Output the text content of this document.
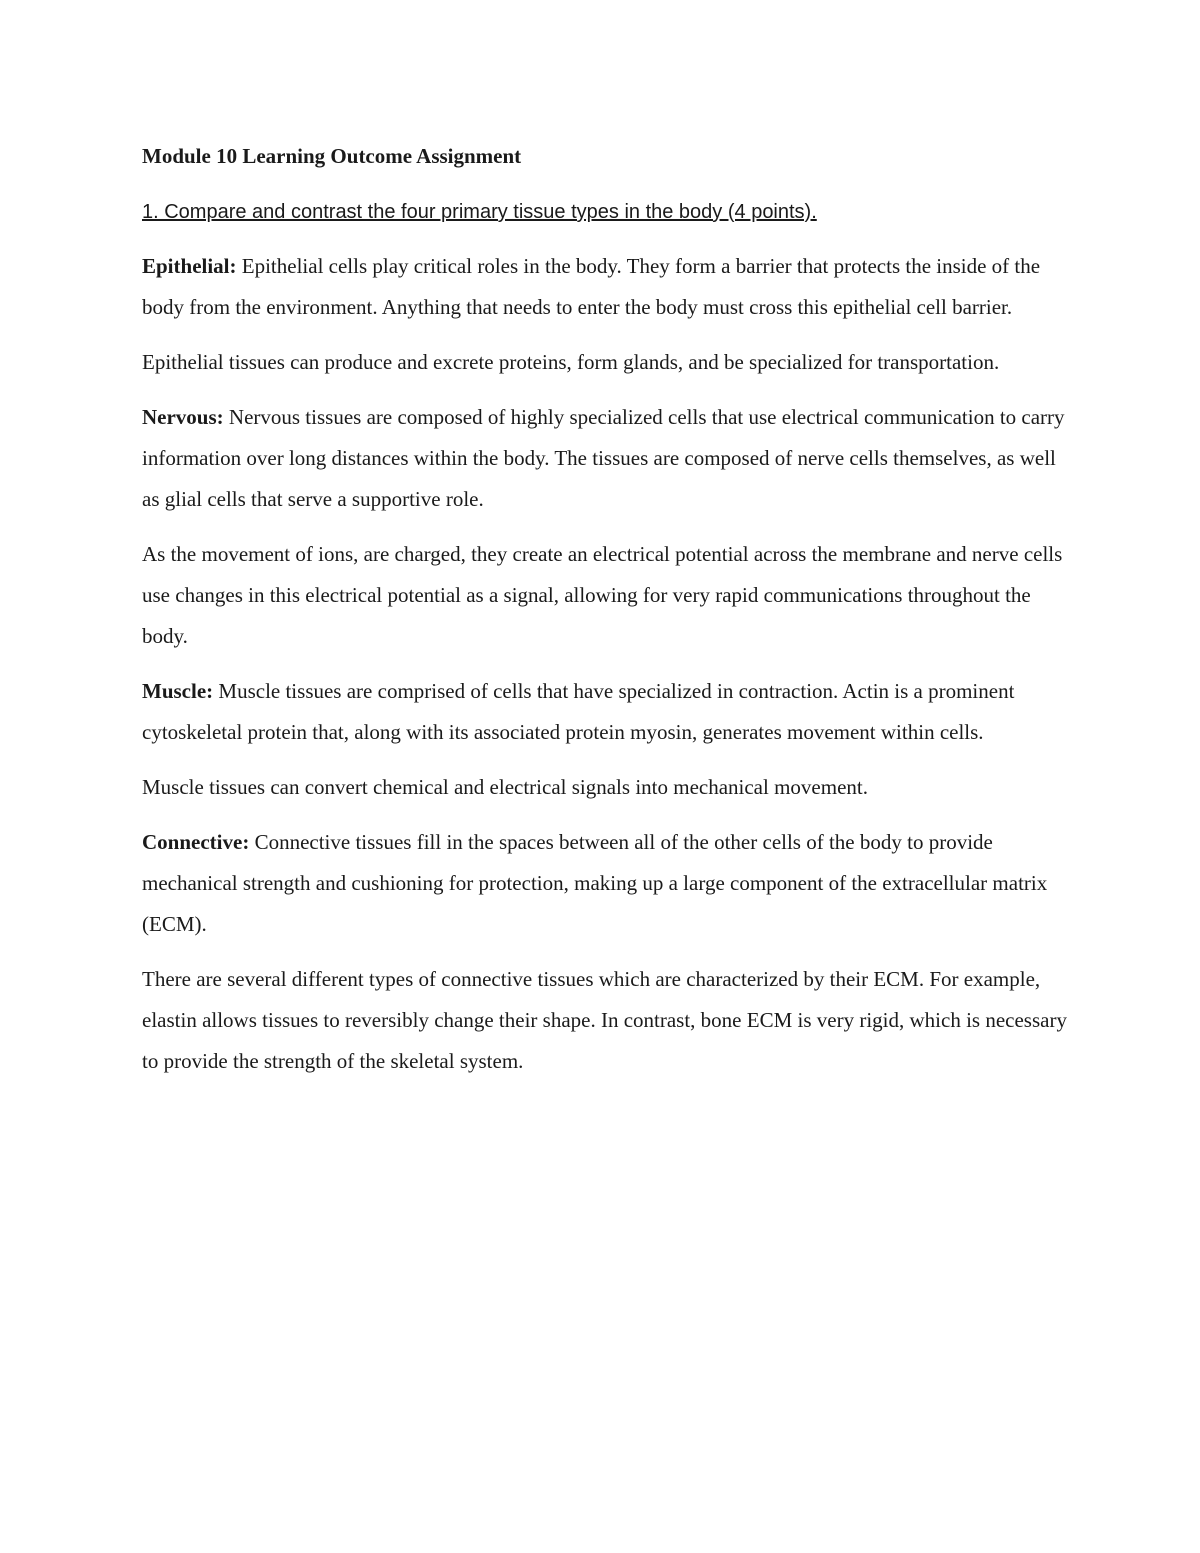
Module 10 Learning Outcome Assignment
1. Compare and contrast the four primary tissue types in the body (4 points).

Epithelial: Epithelial cells play critical roles in the body. They form a barrier that protects the inside of the body from the environment. Anything that needs to enter the body must cross this epithelial cell barrier.

Epithelial tissues can produce and excrete proteins, form glands, and be specialized for transportation.

Nervous: Nervous tissues are composed of highly specialized cells that use electrical communication to carry information over long distances within the body. The tissues are composed of nerve cells themselves, as well as glial cells that serve a supportive role.

As the movement of ions, are charged, they create an electrical potential across the membrane and nerve cells use changes in this electrical potential as a signal, allowing for very rapid communications throughout the body.

Muscle: Muscle tissues are comprised of cells that have specialized in contraction. Actin is a prominent cytoskeletal protein that, along with its associated protein myosin, generates movement within cells.

Muscle tissues can convert chemical and electrical signals into mechanical movement.

Connective: Connective tissues fill in the spaces between all of the other cells of the body to provide mechanical strength and cushioning for protection, making up a large component of the extracellular matrix (ECM).

There are several different types of connective tissues which are characterized by their ECM. For example, elastin allows tissues to reversibly change their shape. In contrast, bone ECM is very rigid, which is necessary to provide the strength of the skeletal system.
